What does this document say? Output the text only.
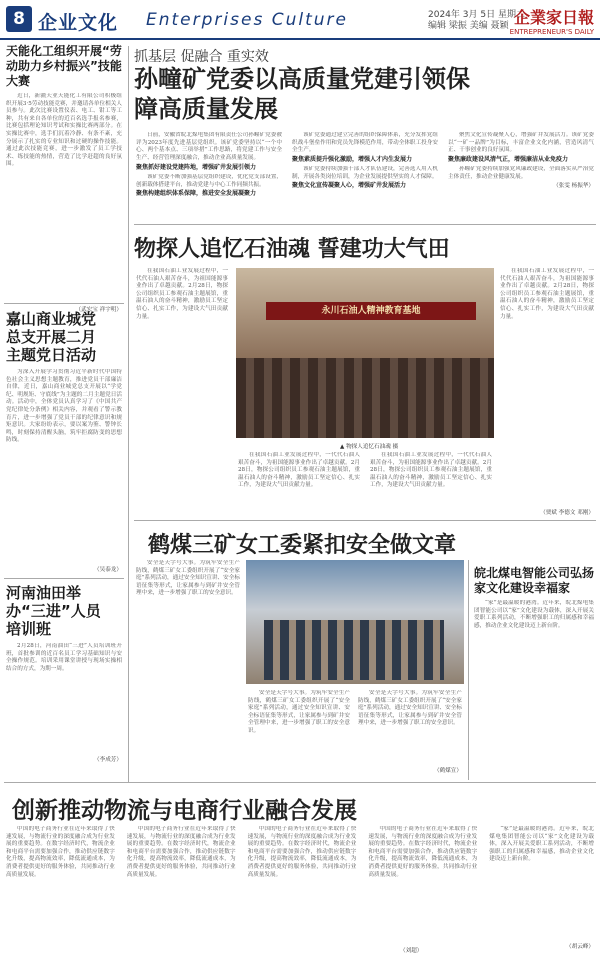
8 企业文化 Enterprises Culture	2024年 3月 5日 星期二
编辑 梁振 美编 聂颖 企業家日報
ENTREPRENEUR'S DAILY
天能化工组织开展“劳动助力乡村振兴”技能大赛
近日，新疆天业天能化工有限公司积极组织开展3·5劳动技能竞赛，并邀请各单位相关人员参与。此次比赛设置仪表、电工、钳工等工种，共有来自各单位的近百名选手报名参赛，比赛包括理论知识考试和实操比赛两部分。在实操比赛中，选手们沉着冷静、有条不紊，充分展示了扎实的专业知识和过硬的操作技能。通过此次技能竞赛，进一步激发了员工学技术、练技能的热情，营造了比学赶超的良好氛围。
（武宏宝 祥宇明）
嘉山商业城党总支开展二月主题党日活动
为深入开展学习贯彻习近平新时代中国特色社会主义思想主题教育，推进党员干部廉洁自律，近日，嘉山商业城党总支开展以“学党纪、明规矩、守底线”为主题的二月主题党日活动。活动中，全体党员认真学习了《中国共产党纪律处分条例》相关内容，并观看了警示教育片，进一步增强了党员干部的纪律意识和规矩意识。大家纷纷表示，要以案为鉴、警钟长鸣，时刻保持清醒头脑，筑牢拒腐防变的思想防线。
（吴泰龙）
河南油田举办“三进”人员培训班
2月28日，河南油田“三进”人员培训班开班，首批参训的近百名员工学习基础知识与安全操作规范。培训采用课堂讲授与现场实操相结合的方式，为期一周。
（李成芳）
抓基层 促融合 重实效
孙疃矿党委以高质量党建引领保障高质量发展
日前，安徽省皖北煤电集团有限责任公司孙疃矿党委被评为2023年度先进基层党组织。该矿党委坚持以“一个中心、两个基本点、三项举措”工作思路，将党建工作与安全生产、经营管理深度融合，推动企业高质量发展。
聚焦抓好建设党建阵地，增强矿井发展引领力
该矿党委不断加强基层党组织建设，优化党支部设置，创新载体搭建平台，推动党建与中心工作同频共振。
聚焦构建组织体系保障，推进安全发展凝聚力
该矿党委通过建立完善的组织保障体系，充分发挥党组织战斗堡垒作用和党员先锋模范作用，带动全体职工投身安全生产。
聚焦素质提升强化激励，增强人才内生发展力
该矿党委持续加强干部人才队伍建设，完善选人用人机制，开展各类岗位培训，为企业发展提供坚实的人才保障。
聚焦文化宣传凝聚人心，增强矿井发展活力
聚焦文化宣传凝聚人心，增强矿井发展活力。该矿党委以“一矿一品牌”为目标，丰富企业文化内涵，营造风清气正、干事创业的良好氛围。
聚焦廉政建设风清气正，增强廉洁从业免疫力
孙疃矿党委持续加强党风廉政建设，全面落实从严治党主体责任，推动企业健康发展。
（张雯 杨振华）
物探人追忆石油魂 誓建功大气田
在我国石油工业发展过程中，一代代石油人艰苦奋斗，为祖国能源事业作出了卓越贡献。2月28日，物探公司组织员工参观石油主题展馆，重温石油人的奋斗精神，激励员工坚定信心、扎实工作，为建设大气田贡献力量。
永川石油人精神教育基地
▲ 物探人追忆石油魂 摄
在我国石油工业发展过程中，一代代石油人艰苦奋斗，为祖国能源事业作出了卓越贡献。2月28日，物探公司组织员工参观石油主题展馆，重温石油人的奋斗精神，激励员工坚定信心、扎实工作，为建设大气田贡献力量。
在我国石油工业发展过程中，一代代石油人艰苦奋斗，为祖国能源事业作出了卓越贡献。2月28日，物探公司组织员工参观石油主题展馆，重温石油人的奋斗精神，激励员工坚定信心、扎实工作，为建设大气田贡献力量。
在我国石油工业发展过程中，一代代石油人艰苦奋斗，为祖国能源事业作出了卓越贡献。2月28日，物探公司组织员工参观石油主题展馆，重温石油人的奋斗精神，激励员工坚定信心、扎实工作，为建设大气田贡献力量。
（贾斌 李德文 邓刚）
鹤煤三矿女工委紧扣安全做文章
安全是天字号大事。为筑牢安全生产防线，鹤煤三矿女工委组织开展了“安全家庭”系列活动，通过安全知识宣讲、安全标语征集等形式，让家属参与到矿井安全管理中来，进一步增强了职工的安全意识。
安全是天字号大事。为筑牢安全生产防线，鹤煤三矿女工委组织开展了“安全家庭”系列活动，通过安全知识宣讲、安全标语征集等形式，让家属参与到矿井安全管理中来，进一步增强了职工的安全意识。
安全是天字号大事。为筑牢安全生产防线，鹤煤三矿女工委组织开展了“安全家庭”系列活动，通过安全知识宣讲、安全标语征集等形式，让家属参与到矿井安全管理中来，进一步增强了职工的安全意识。
（鹤煤宣）
皖北煤电智能公司弘扬家文化建设幸福家
“家”是最温暖的港湾。近年来，皖北煤电集团智能公司以“家”文化建设为载体，深入开展关爱职工系列活动，不断增强职工的归属感和幸福感，推动企业文化建设迈上新台阶。
创新推动物流与电商行业融合发展
中国的电子商务行业在近年来取得了快速发展，与物流行业的深度融合成为行业发展的重要趋势。在数字经济时代，物流企业和电商平台需要加强合作，推动供应链数字化升级，提高物流效率，降低流通成本，为消费者提供更好的服务体验，共同推动行业高质量发展。
中国的电子商务行业在近年来取得了快速发展，与物流行业的深度融合成为行业发展的重要趋势。在数字经济时代，物流企业和电商平台需要加强合作，推动供应链数字化升级，提高物流效率，降低流通成本，为消费者提供更好的服务体验，共同推动行业高质量发展。
中国的电子商务行业在近年来取得了快速发展，与物流行业的深度融合成为行业发展的重要趋势。在数字经济时代，物流企业和电商平台需要加强合作，推动供应链数字化升级，提高物流效率，降低流通成本，为消费者提供更好的服务体验，共同推动行业高质量发展。
中国的电子商务行业在近年来取得了快速发展，与物流行业的深度融合成为行业发展的重要趋势。在数字经济时代，物流企业和电商平台需要加强合作，推动供应链数字化升级，提高物流效率，降低流通成本，为消费者提供更好的服务体验，共同推动行业高质量发展。
“家”是最温暖的港湾。近年来，皖北煤电集团智能公司以“家”文化建设为载体，深入开展关爱职工系列活动，不断增强职工的归属感和幸福感，推动企业文化建设迈上新台阶。
（胡云峰）
（刘超）
